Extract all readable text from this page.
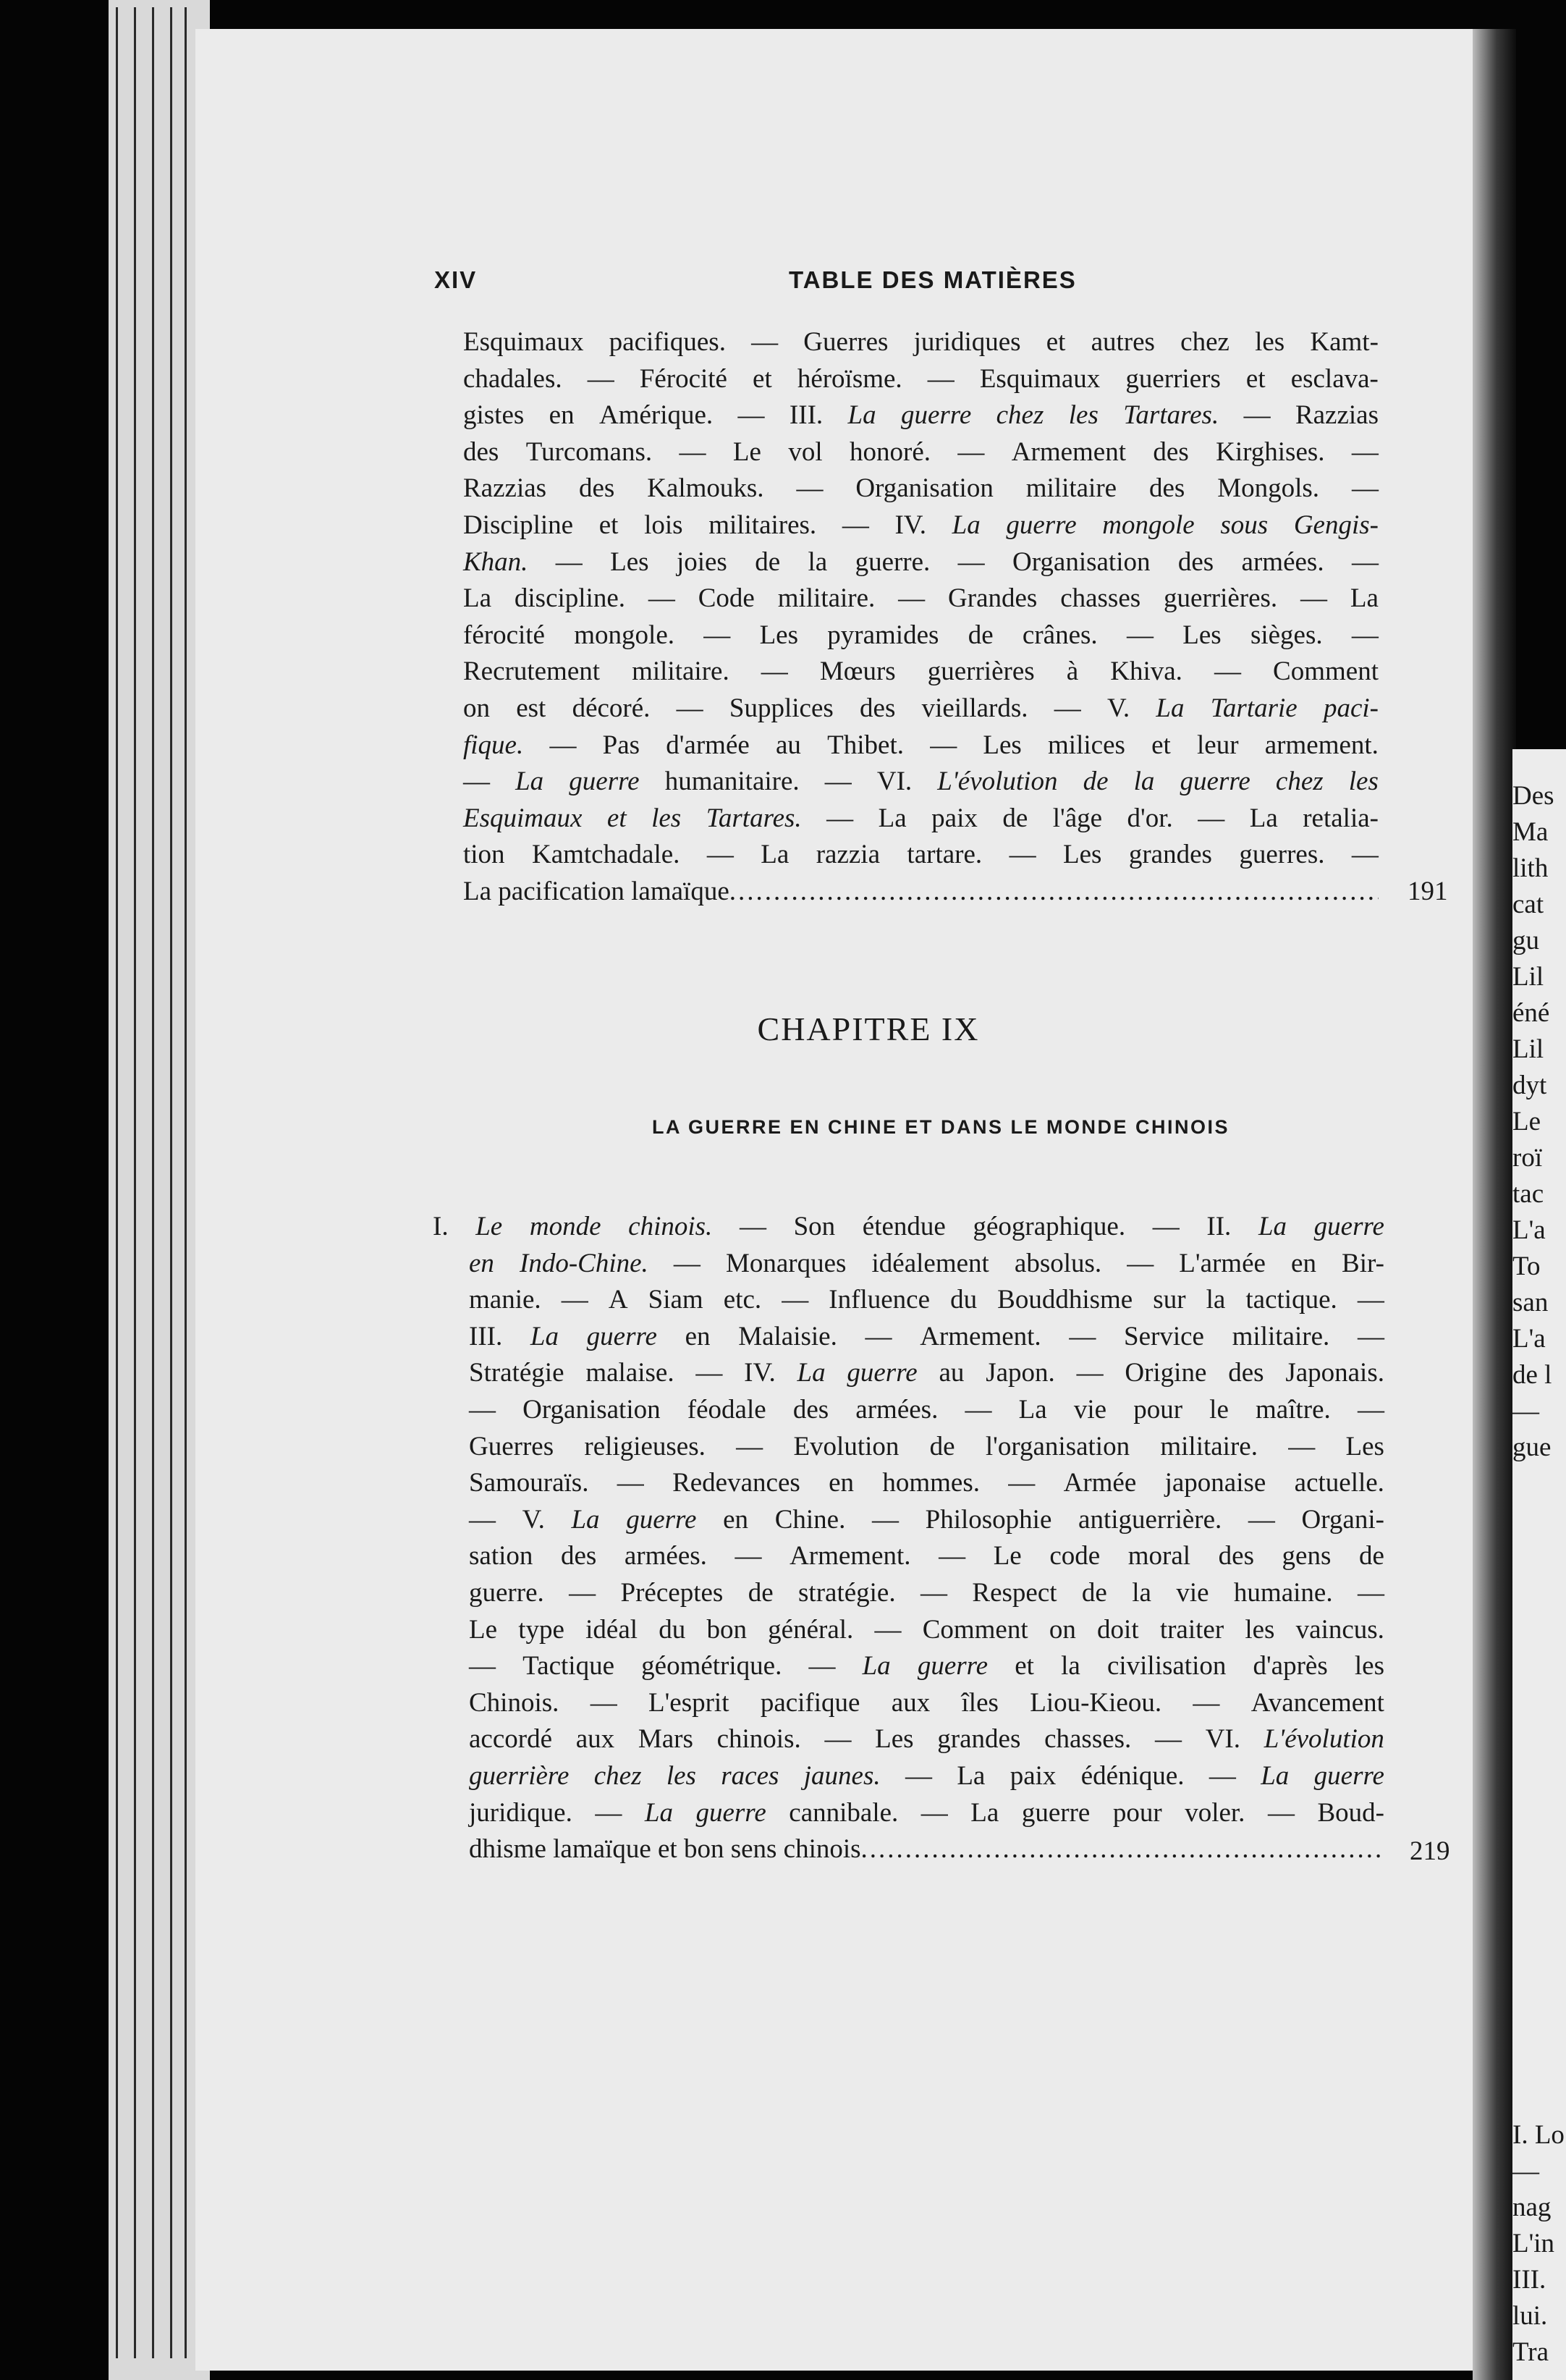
Des
Ma
lith
cat
gu
Lil
éné
Lil
dyt
Le
roï
tac
L'a
To
san
L'a
de l
—
gue
I. Lo
—
nag
L'in
III.
lui.
Tra
XIV	TABLE DES MATIÈRES
Esquimaux pacifiques. — Guerres juridiques et autres chez les Kamt-
chadales. — Férocité et héroïsme. — Esquimaux guerriers et esclava-
gistes en Amérique. — III. La guerre chez les Tartares. — Razzias
des Turcomans. — Le vol honoré. — Armement des Kirghises. —
Razzias des Kalmouks. — Organisation militaire des Mongols. —
Discipline et lois militaires. — IV. La guerre mongole sous Gengis-
Khan. — Les joies de la guerre. — Organisation des armées. —
La discipline. — Code militaire. — Grandes chasses guerrières. — La
férocité mongole. — Les pyramides de crânes. — Les sièges. —
Recrutement militaire. — Mœurs guerrières à Khiva. — Comment
on est décoré. — Supplices des vieillards. — V. La Tartarie paci-
fique. — Pas d'armée au Thibet. — Les milices et leur armement.
— La guerre humanitaire. — VI. L'évolution de la guerre chez les
Esquimaux et les Tartares. — La paix de l'âge d'or. — La retalia-
tion Kamtchadale. — La razzia tartare. — Les grandes guerres. —
La pacification lamaïque .....	191
CHAPITRE IX
LA GUERRE EN CHINE ET DANS LE MONDE CHINOIS
I. Le monde chinois. — Son étendue géographique. — II. La guerre
en Indo-Chine. — Monarques idéalement absolus. — L'armée en Bir-
manie. — A Siam etc. — Influence du Bouddhisme sur la tactique. —
III. La guerre en Malaisie. — Armement. — Service militaire. —
Stratégie malaise. — IV. La guerre au Japon. — Origine des Japonais.
— Organisation féodale des armées. — La vie pour le maître. —
Guerres religieuses. — Evolution de l'organisation militaire. — Les
Samouraïs. — Redevances en hommes. — Armée japonaise actuelle.
— V. La guerre en Chine. — Philosophie antiguerrière. — Organi-
sation des armées. — Armement. — Le code moral des gens de
guerre. — Préceptes de stratégie. — Respect de la vie humaine. —
Le type idéal du bon général. — Comment on doit traiter les vaincus.
— Tactique géométrique. — La guerre et la civilisation d'après les
Chinois. — L'esprit pacifique aux îles Liou-Kieou. — Avancement
accordé aux Mars chinois. — Les grandes chasses. — VI. L'évolution
guerrière chez les races jaunes. — La paix édénique. — La guerre
juridique. — La guerre cannibale. — La guerre pour voler. — Boud-
dhisme lamaïque et bon sens chinois .....	219
